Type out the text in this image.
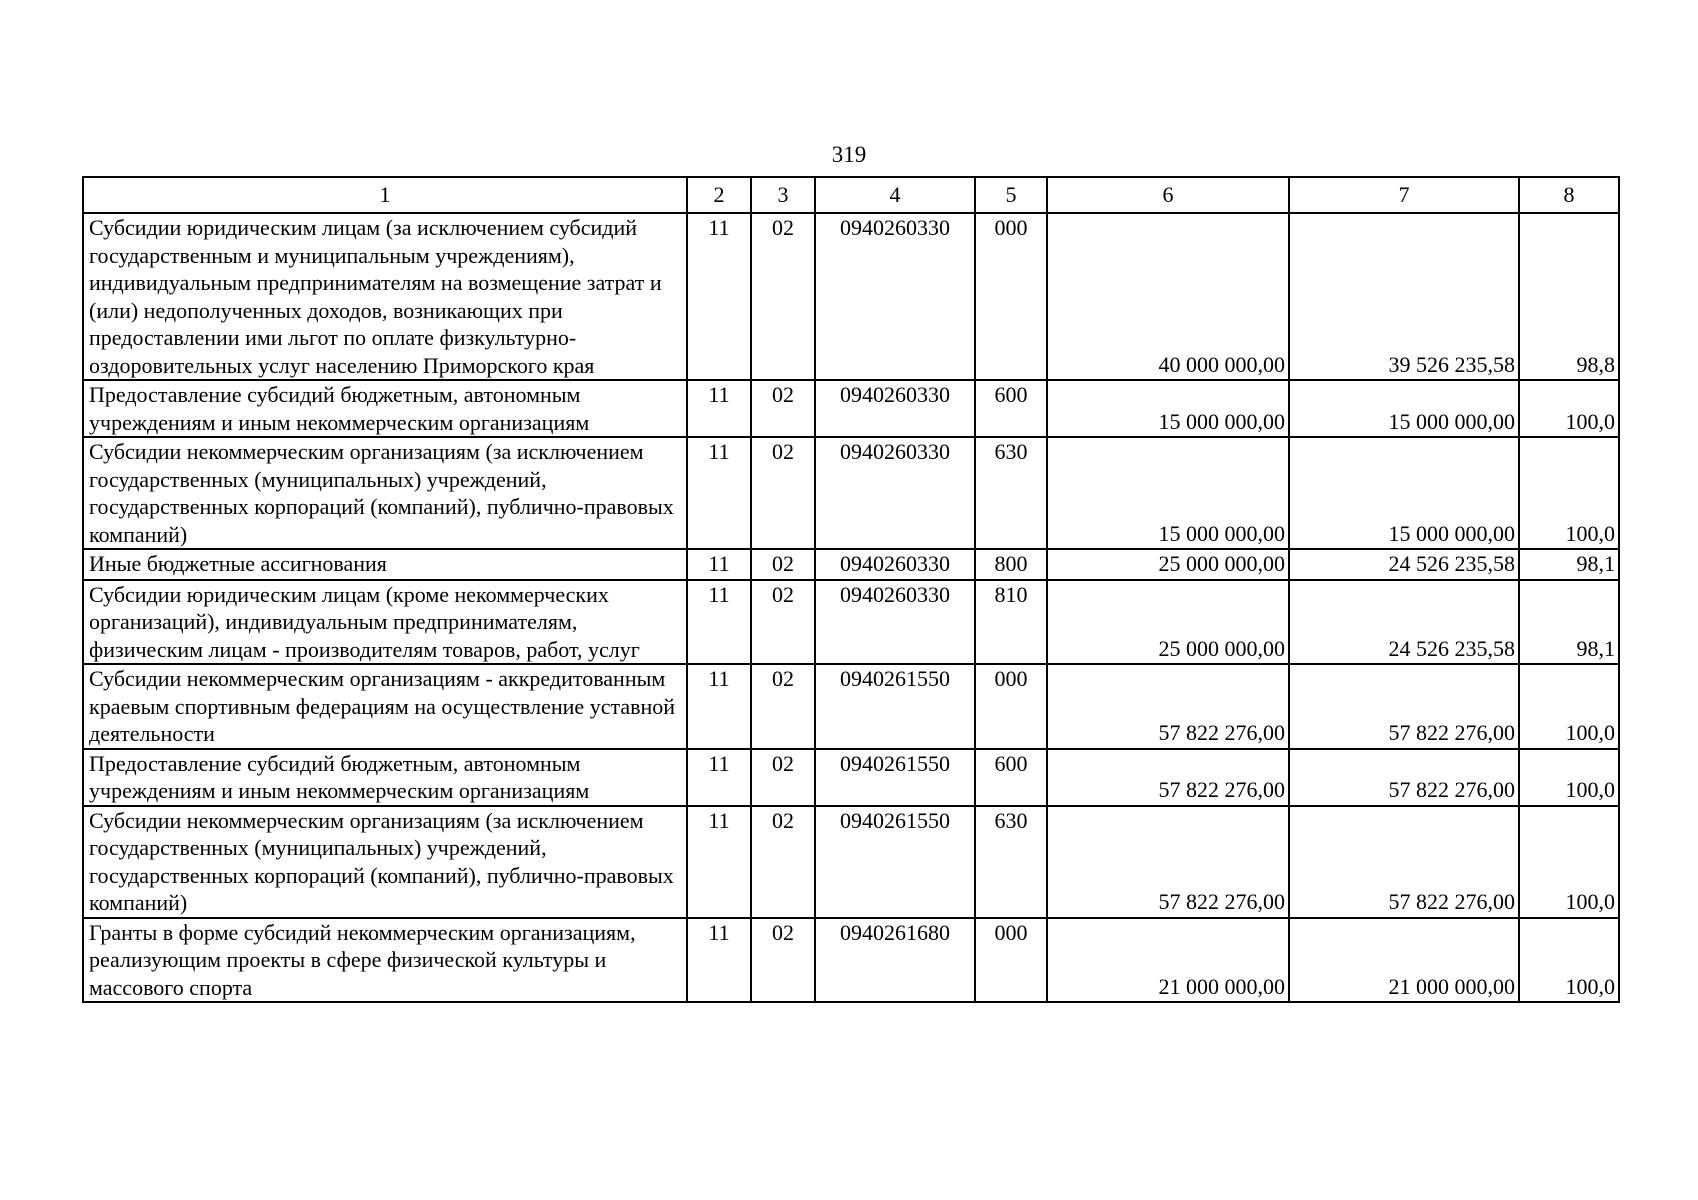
319
1	2	3	4	5	6	7	8
Субсидии юридическим лицам (за исключением субсидий государственным и муниципальным учреждениям), индивидуальным предпринимателям на возмещение затрат и (или) недополученных доходов, возникающих при предоставлении ими льгот по оплате физкультурно-оздоровительных услуг населению Приморского края	11	02	0940260330	000	40 000 000,00	39 526 235,58	98,8
Предоставление субсидий бюджетным, автономным учреждениям и иным некоммерческим организациям	11	02	0940260330	600	15 000 000,00	15 000 000,00	100,0
Субсидии некоммерческим организациям (за исключением государственных (муниципальных) учреждений, государственных корпораций (компаний), публично-правовых компаний)	11	02	0940260330	630	15 000 000,00	15 000 000,00	100,0
Иные бюджетные ассигнования	11	02	0940260330	800	25 000 000,00	24 526 235,58	98,1
Субсидии юридическим лицам (кроме некоммерческих организаций), индивидуальным предпринимателям, физическим лицам - производителям товаров, работ, услуг	11	02	0940260330	810	25 000 000,00	24 526 235,58	98,1
Субсидии некоммерческим организациям - аккредитованным краевым спортивным федерациям на осуществление уставной деятельности	11	02	0940261550	000	57 822 276,00	57 822 276,00	100,0
Предоставление субсидий бюджетным, автономным учреждениям и иным некоммерческим организациям	11	02	0940261550	600	57 822 276,00	57 822 276,00	100,0
Субсидии некоммерческим организациям (за исключением государственных (муниципальных) учреждений, государственных корпораций (компаний), публично-правовых компаний)	11	02	0940261550	630	57 822 276,00	57 822 276,00	100,0
Гранты в форме субсидий некоммерческим организациям, реализующим проекты в сфере физической культуры и массового спорта	11	02	0940261680	000	21 000 000,00	21 000 000,00	100,0
